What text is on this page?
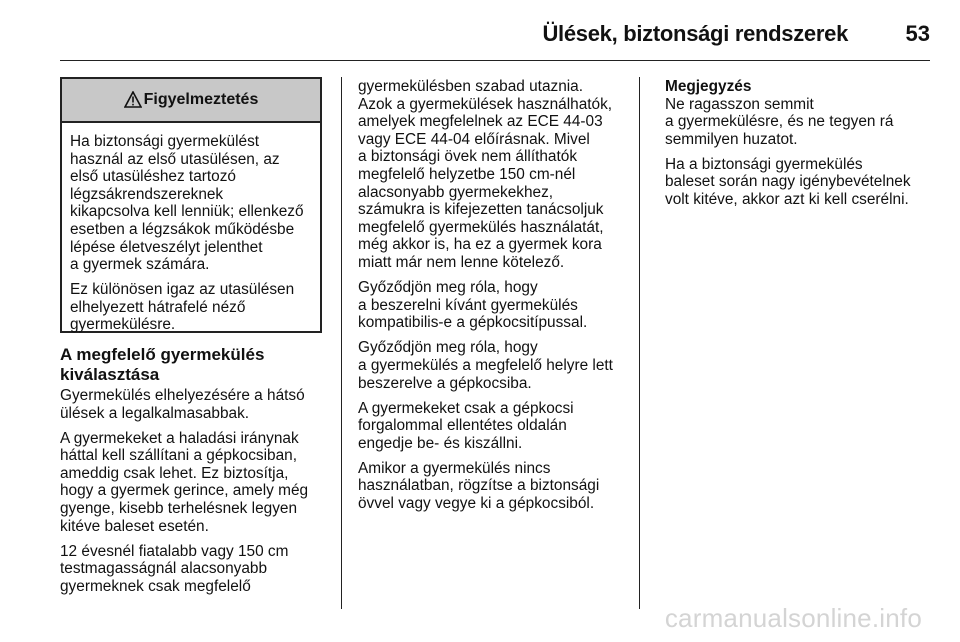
Ülések, biztonsági rendszerek	53
Figyelmeztetés

Ha biztonsági gyermekülést
használ az első utasülésen, az
első utasüléshez tartozó
légzsákrendszereknek
kikapcsolva kell lenniük; ellenkező
esetben a légzsákok működésbe
lépése életveszélyt jelenthet
a gyermek számára.

Ez különösen igaz az utasülésen
elhelyezett hátrafelé néző
gyermekülésre.

A megfelelő gyermekülés
kiválasztása

Gyermekülés elhelyezésére a hátsó
ülések a legalkalmasabbak.

A gyermekeket a haladási iránynak
háttal kell szállítani a gépkocsiban,
ameddig csak lehet. Ez biztosítja,
hogy a gyermek gerince, amely még
gyenge, kisebb terhelésnek legyen
kitéve baleset esetén.

12 évesnél fiatalabb vagy 150 cm
testmagasságnál alacsonyabb
gyermeknek csak megfelelő

gyermekülésben szabad utaznia.
Azok a gyermekülések használhatók,
amelyek megfelelnek az ECE 44-03
vagy ECE 44-04 előírásnak. Mivel
a biztonsági övek nem állíthatók
megfelelő helyzetbe 150 cm-nél
alacsonyabb gyermekekhez,
számukra is kifejezetten tanácsoljuk
megfelelő gyermekülés használatát,
még akkor is, ha ez a gyermek kora
miatt már nem lenne kötelező.

Győződjön meg róla, hogy
a beszerelni kívánt gyermekülés
kompatibilis-e a gépkocsitípussal.

Győződjön meg róla, hogy
a gyermekülés a megfelelő helyre lett
beszerelve a gépkocsiba.

A gyermekeket csak a gépkocsi
forgalommal ellentétes oldalán
engedje be- és kiszállni.

Amikor a gyermekülés nincs
használatban, rögzítse a biztonsági
övvel vagy vegye ki a gépkocsiból.

Megjegyzés
Ne ragasszon semmit
a gyermekülésre, és ne tegyen rá
semmilyen huzatot.

Ha a biztonsági gyermekülés
baleset során nagy igénybevételnek
volt kitéve, akkor azt ki kell cserélni.

carmanualsonline.info
